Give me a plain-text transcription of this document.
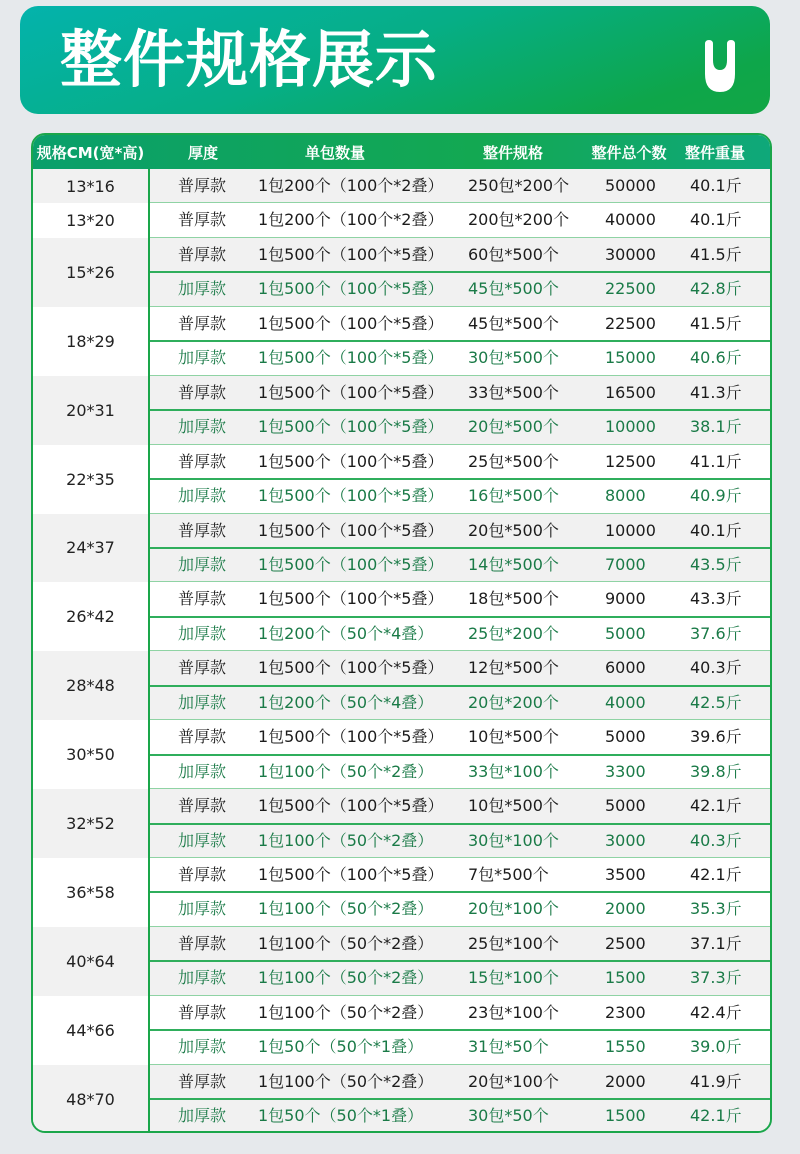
整件规格展示
规格CM(宽*高)	厚度	单包数量	整件规格	整件总个数 整件重量
13*16	普厚款 1包200个（100个*2叠） 250包*200个 50000 40.1斤
13*20	普厚款 1包200个（100个*2叠） 200包*200个 40000 40.1斤
15*26
普厚款 1包500个（100个*5叠） 60包*500个	30000 41.5斤
加厚款 1包500个（100个*5叠） 45包*500个	22500 42.8斤
18*29
普厚款 1包500个（100个*5叠） 45包*500个	22500 41.5斤
加厚款 1包500个（100个*5叠） 30包*500个	15000 40.6斤
20*31
普厚款 1包500个（100个*5叠） 33包*500个	16500 41.3斤
加厚款 1包500个（100个*5叠） 20包*500个	10000 38.1斤
22*35
普厚款 1包500个（100个*5叠） 25包*500个	12500 41.1斤
加厚款 1包500个（100个*5叠） 16包*500个	8000	40.9斤
24*37
普厚款 1包500个（100个*5叠） 20包*500个	10000 40.1斤
加厚款 1包500个（100个*5叠） 14包*500个	7000	43.5斤
26*42
普厚款 1包500个（100个*5叠） 18包*500个	9000	43.3斤
加厚款 1包200个（50个*4叠） 25包*200个	5000	37.6斤
28*48
普厚款 1包500个（100个*5叠） 12包*500个	6000	40.3斤
加厚款 1包200个（50个*4叠） 20包*200个	4000	42.5斤
30*50
普厚款 1包500个（100个*5叠） 10包*500个	5000	39.6斤
加厚款 1包100个（50个*2叠） 33包*100个	3300	39.8斤
32*52
普厚款 1包500个（100个*5叠） 10包*500个	5000	42.1斤
加厚款 1包100个（50个*2叠） 30包*100个	3000	40.3斤
36*58
普厚款 1包500个（100个*5叠） 7包*500个	3500	42.1斤
加厚款 1包100个（50个*2叠） 20包*100个	2000	35.3斤
40*64
普厚款 1包100个（50个*2叠） 25包*100个	2500	37.1斤
加厚款 1包100个（50个*2叠） 15包*100个	1500	37.3斤
44*66
普厚款 1包100个（50个*2叠） 23包*100个	2300	42.4斤
加厚款 1包50个（50个*1叠）	31包*50个	1550	39.0斤
48*70
普厚款 1包100个（50个*2叠） 20包*100个	2000	41.9斤
加厚款 1包50个（50个*1叠）	30包*50个	1500	42.1斤
